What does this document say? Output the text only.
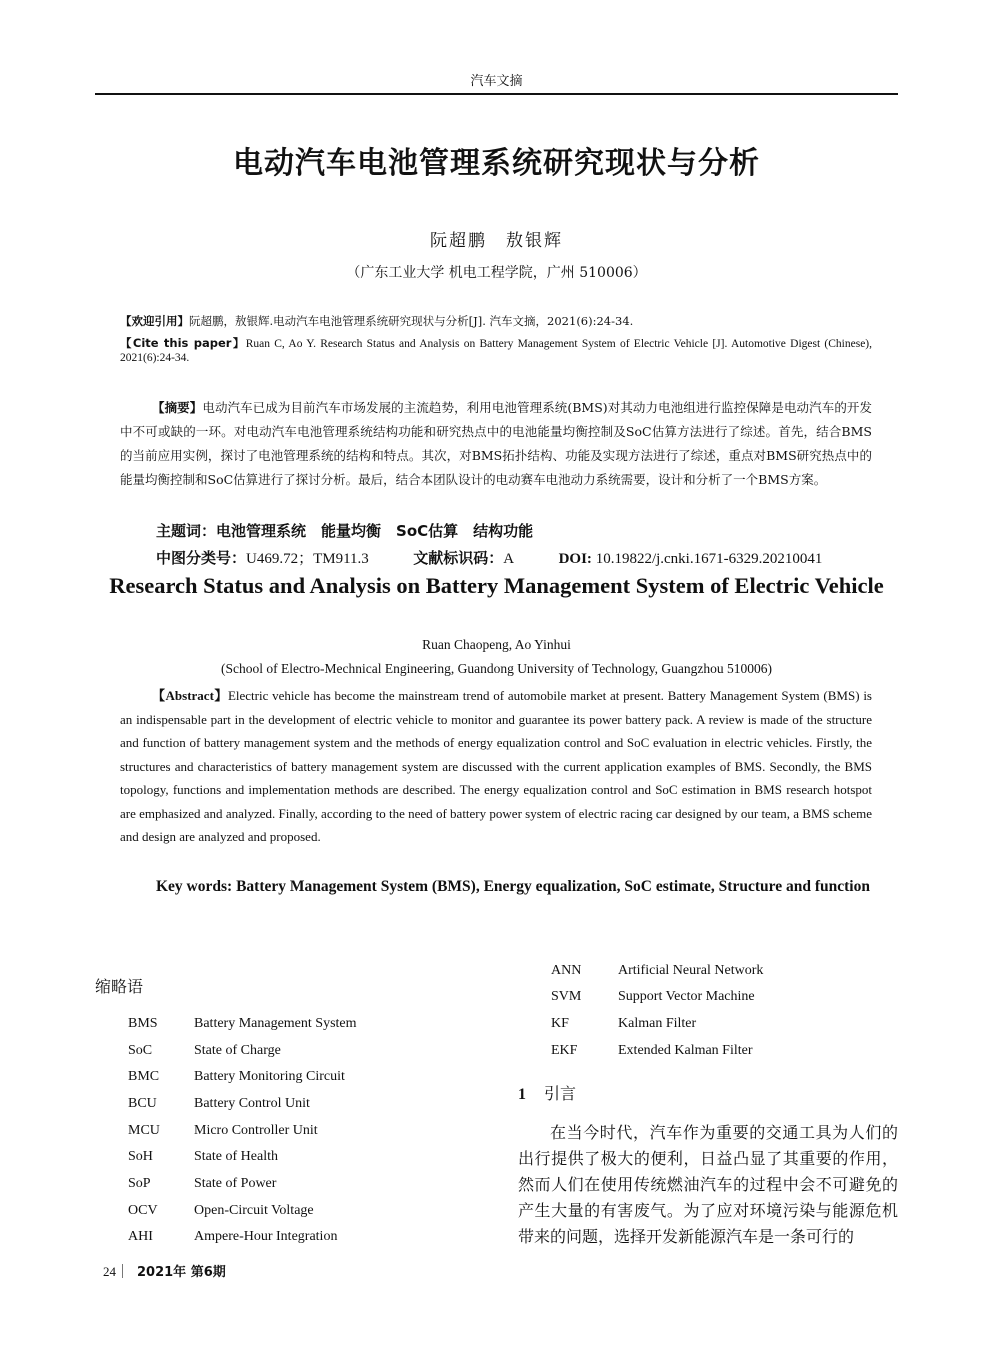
汽车文摘
电动汽车电池管理系统研究现状与分析
阮超鹏　敖银辉
（广东工业大学 机电工程学院，广州 510006）
【欢迎引用】阮超鹏，敖银辉.电动汽车电池管理系统研究现状与分析[J]. 汽车文摘，2021(6):24-34.
【Cite this paper】Ruan C, Ao Y. Research Status and Analysis on Battery Management System of Electric Vehicle [J]. Automotive Digest (Chinese), 2021(6):24-34.
【摘要】电动汽车已成为目前汽车市场发展的主流趋势，利用电池管理系统(BMS)对其动力电池组进行监控保障是电动汽车的开发中不可或缺的一环。对电动汽车电池管理系统结构功能和研究热点中的电池能量均衡控制及SoC估算方法进行了综述。首先，结合BMS的当前应用实例，探讨了电池管理系统的结构和特点。其次，对BMS拓扑结构、功能及实现方法进行了综述，重点对BMS研究热点中的能量均衡控制和SoC估算进行了探讨分析。最后，结合本团队设计的电动赛车电池动力系统需要，设计和分析了一个BMS方案。
主题词：电池管理系统　能量均衡　SoC估算　结构功能
中图分类号：U469.72；TM911.3	文献标识码：A	DOI: 10.19822/j.cnki.1671-6329.20210041
Research Status and Analysis on Battery Management System of Electric Vehicle
Ruan Chaopeng, Ao Yinhui
(School of Electro-Mechnical Engineering, Guandong University of Technology, Guangzhou 510006)
【Abstract】Electric vehicle has become the mainstream trend of automobile market at present. Battery Management System (BMS) is an indispensable part in the development of electric vehicle to monitor and guarantee its power battery pack. A review is made of the structure and function of battery management system and the methods of energy equalization control and SoC evaluation in electric vehicles. Firstly, the structures and characteristics of battery management system are discussed with the current application examples of BMS. Secondly, the BMS topology, functions and implementation methods are described. The energy equalization control and SoC estimation in BMS research hotspot are emphasized and analyzed. Finally, according to the need of battery power system of electric racing car designed by our team, a BMS scheme and design are analyzed and proposed.
Key words: Battery Management System (BMS), Energy equalization, SoC estimate, Structure and function
缩略语
BMS	Battery Management System
SoC	State of Charge
BMC Battery Monitoring Circuit
BCU	Battery Control Unit
MCU Micro Controller Unit
SoH	State of Health
SoP	State of Power
OCV	Open-Circuit Voltage
AHI	Ampere-Hour Integration
ANN	Artificial Neural Network
SVM	Support Vector Machine
KF	Kalman Filter
EKF	Extended Kalman Filter
1 引言
在当今时代，汽车作为重要的交通工具为人们的出行提供了极大的便利，日益凸显了其重要的作用，然而人们在使用传统燃油汽车的过程中会不可避免的产生大量的有害废气。为了应对环境污染与能源危机带来的问题，选择开发新能源汽车是一条可行的
24 2021年 第6期
